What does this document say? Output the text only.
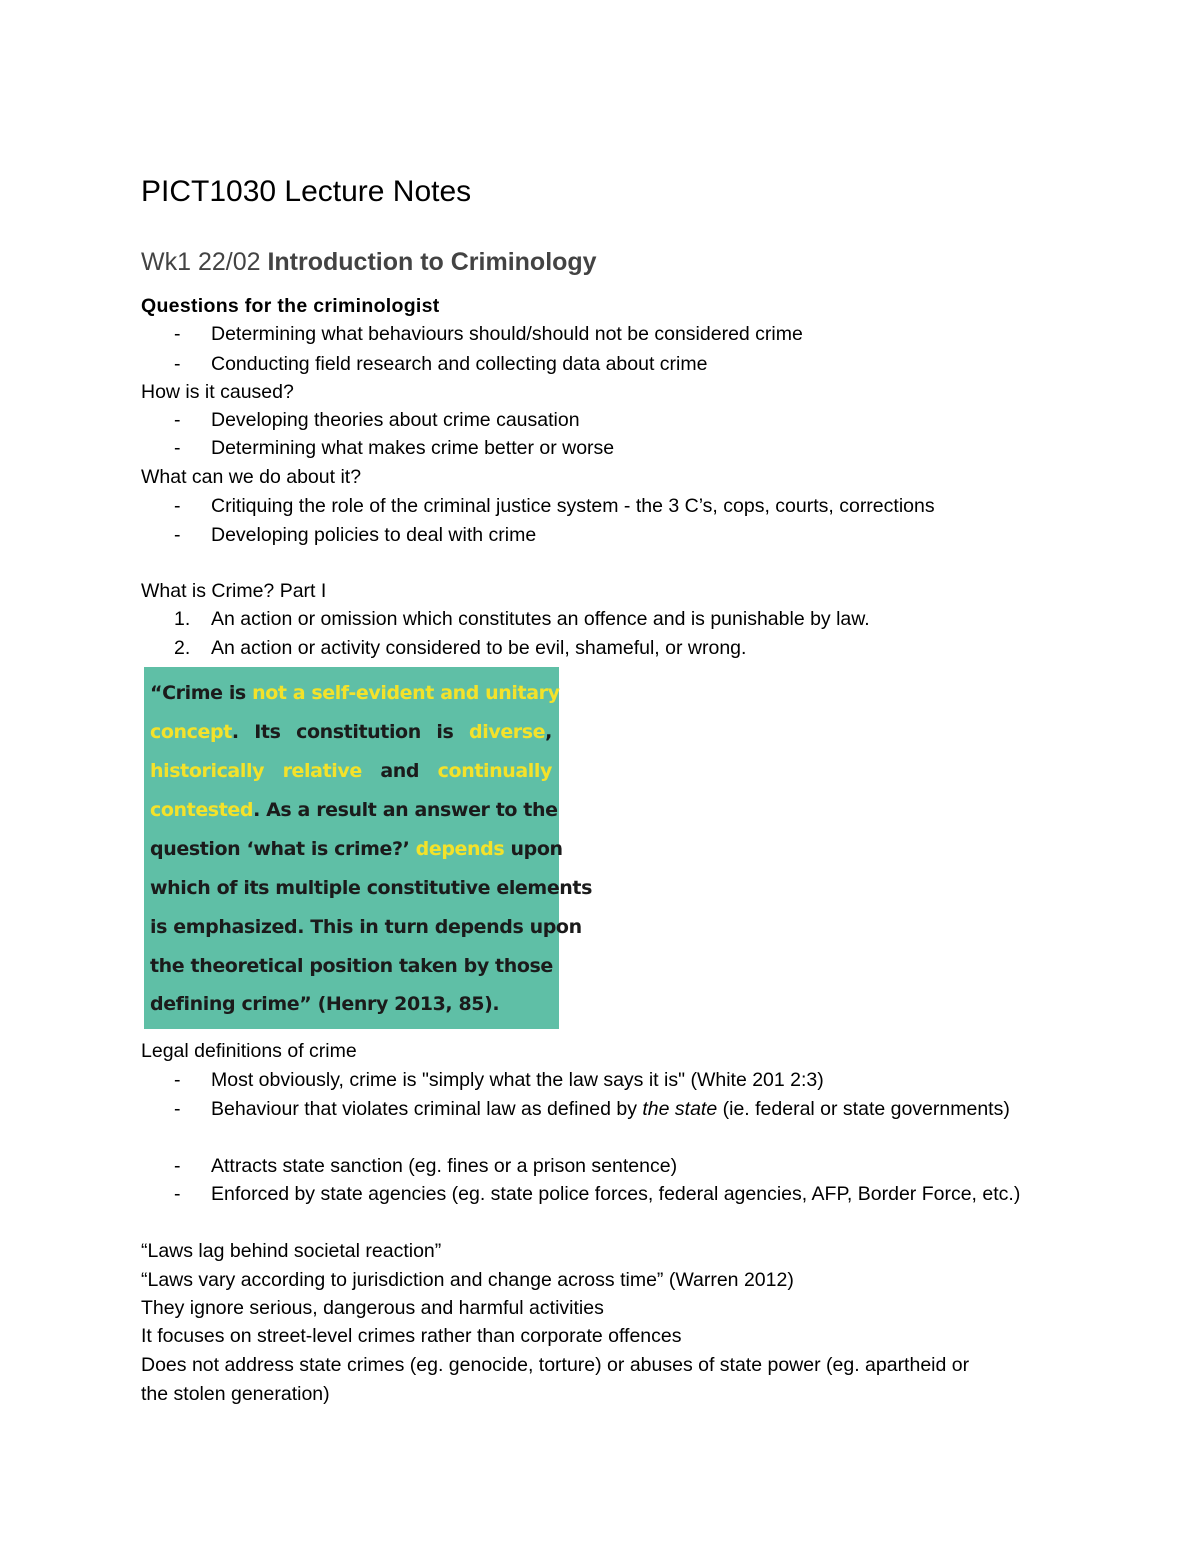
PICT1030 Lecture Notes
Wk1 22/02 Introduction to Criminology
Questions for the criminologist
- Determining what behaviours should/should not be considered crime
- Conducting field research and collecting data about crime
How is it caused?
- Developing theories about crime causation
- Determining what makes crime better or worse
What can we do about it?
- Critiquing the role of the criminal justice system - the 3 C’s, cops, courts, corrections
- Developing policies to deal with crime
What is Crime? Part I
1. An action or omission which constitutes an offence and is punishable by law.
2. An action or activity considered to be evil, shameful, or wrong.
“Crime is not a self-evident and unitary
concept. Its constitution is diverse,
historically relative and continually
contested. As a result an answer to the
question ‘what is crime?’ depends upon
which of its multiple constitutive elements
is emphasized. This in turn depends upon
the theoretical position taken by those
defining crime” (Henry 2013, 85).
Legal definitions of crime
- Most obviously, crime is "simply what the law says it is" (White 201 2:3)
- Behaviour that violates criminal law as defined by the state (ie. federal or state governments)
- Attracts state sanction (eg. fines or a prison sentence)
- Enforced by state agencies (eg. state police forces, federal agencies, AFP, Border Force, etc.)
“Laws lag behind societal reaction”
“Laws vary according to jurisdiction and change across time” (Warren 2012)
They ignore serious, dangerous and harmful activities
It focuses on street-level crimes rather than corporate offences
Does not address state crimes (eg. genocide, torture) or abuses of state power (eg. apartheid or
the stolen generation)
